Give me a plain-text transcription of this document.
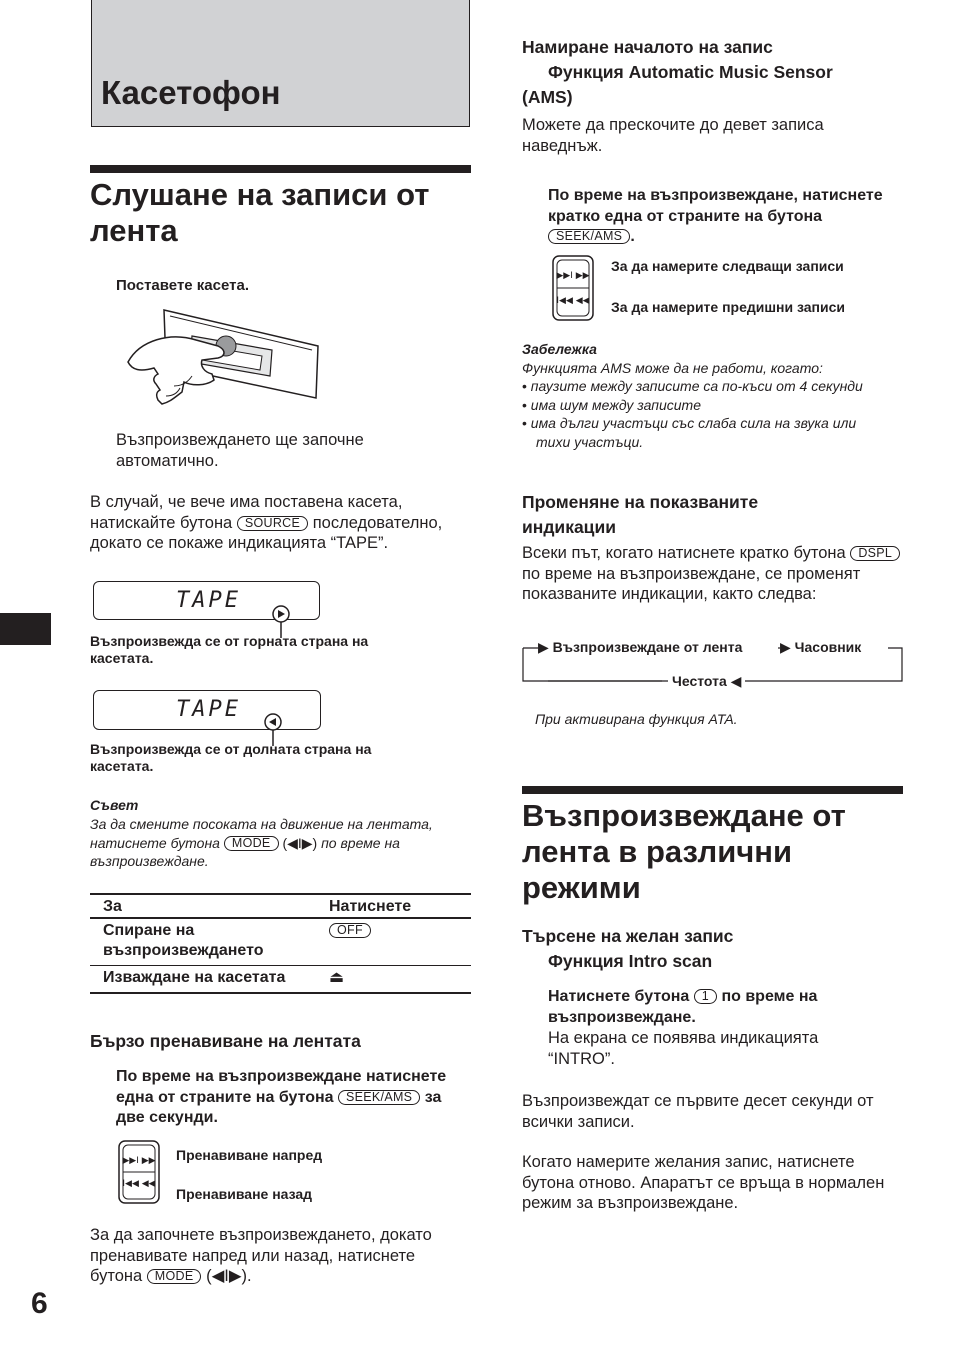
Касетофон
6
Слушане на записи от лента
Поставете касета.
Възпроизвеждането ще започне автоматично.
В случай, че вече има поставена касета, натискайте бутона SOURCE последователно, докато се покаже индикацията “TAPE”.
TAPE
Възпроизвежда се от горната страна на касетата.
TAPE
Възпроизвежда се от долната страна на касетата.
Съвет
За да смените посоката на движение на лентата, натиснете бутона MODE (◀I▶) по време на възпроизвеждане.
За	Натиснете
Спиране на възпроизвеждането	OFF
Изваждане на касетата	⏏
Бързо пренавиване на лентата
По време на възпроизвеждане натиснете една от страните на бутона SEEK/AMS за две секунди.
▶▶I ▶▶
I◀◀ ◀◀
Пренавиване напред
Пренавиване назад
За да започнете възпроизвеждането, докато пренавивате напред или назад, натиснете бутона MODE (◀I▶).
Намиране началото на запис
Функция Automatic Music Sensor
(AMS)
Можете да прескочите до девет записа наведнъж.
По време на възпроизвеждане, натиснете кратко една от страните на бутона SEEK/AMS .
▶▶I ▶▶
I◀◀ ◀◀
За да намерите следващи записи
За да намерите предишни записи
Забележка
Функцията AMS може да не работи, когато:
• паузите между записите са по-къси от 4 секунди
• има шум между записите
• има дълги участъци със слаба сила на звука или тихи участъци.
Променяне на показваните индикации
Всеки път, когато натиснете кратко бутона DSPL по време на възпроизвеждане, се променят показваните индикации, както следва:
▶ Възпроизвеждане от лента	▶ Часовник
Честота ◀
При активирана функция ATA.
Възпроизвеждане от лента в различни режими
Търсене на желан запис
Функция Intro scan
Натиснете бутона 1 по време на възпроизвеждане.
На екрана се появява индикацията “INTRO”.
Възпроизвеждат се първите десет секунди от всички записи.
Когато намерите желания запис, натиснете бутона отново. Апаратът се връща в нормален режим за възпроизвеждане.
